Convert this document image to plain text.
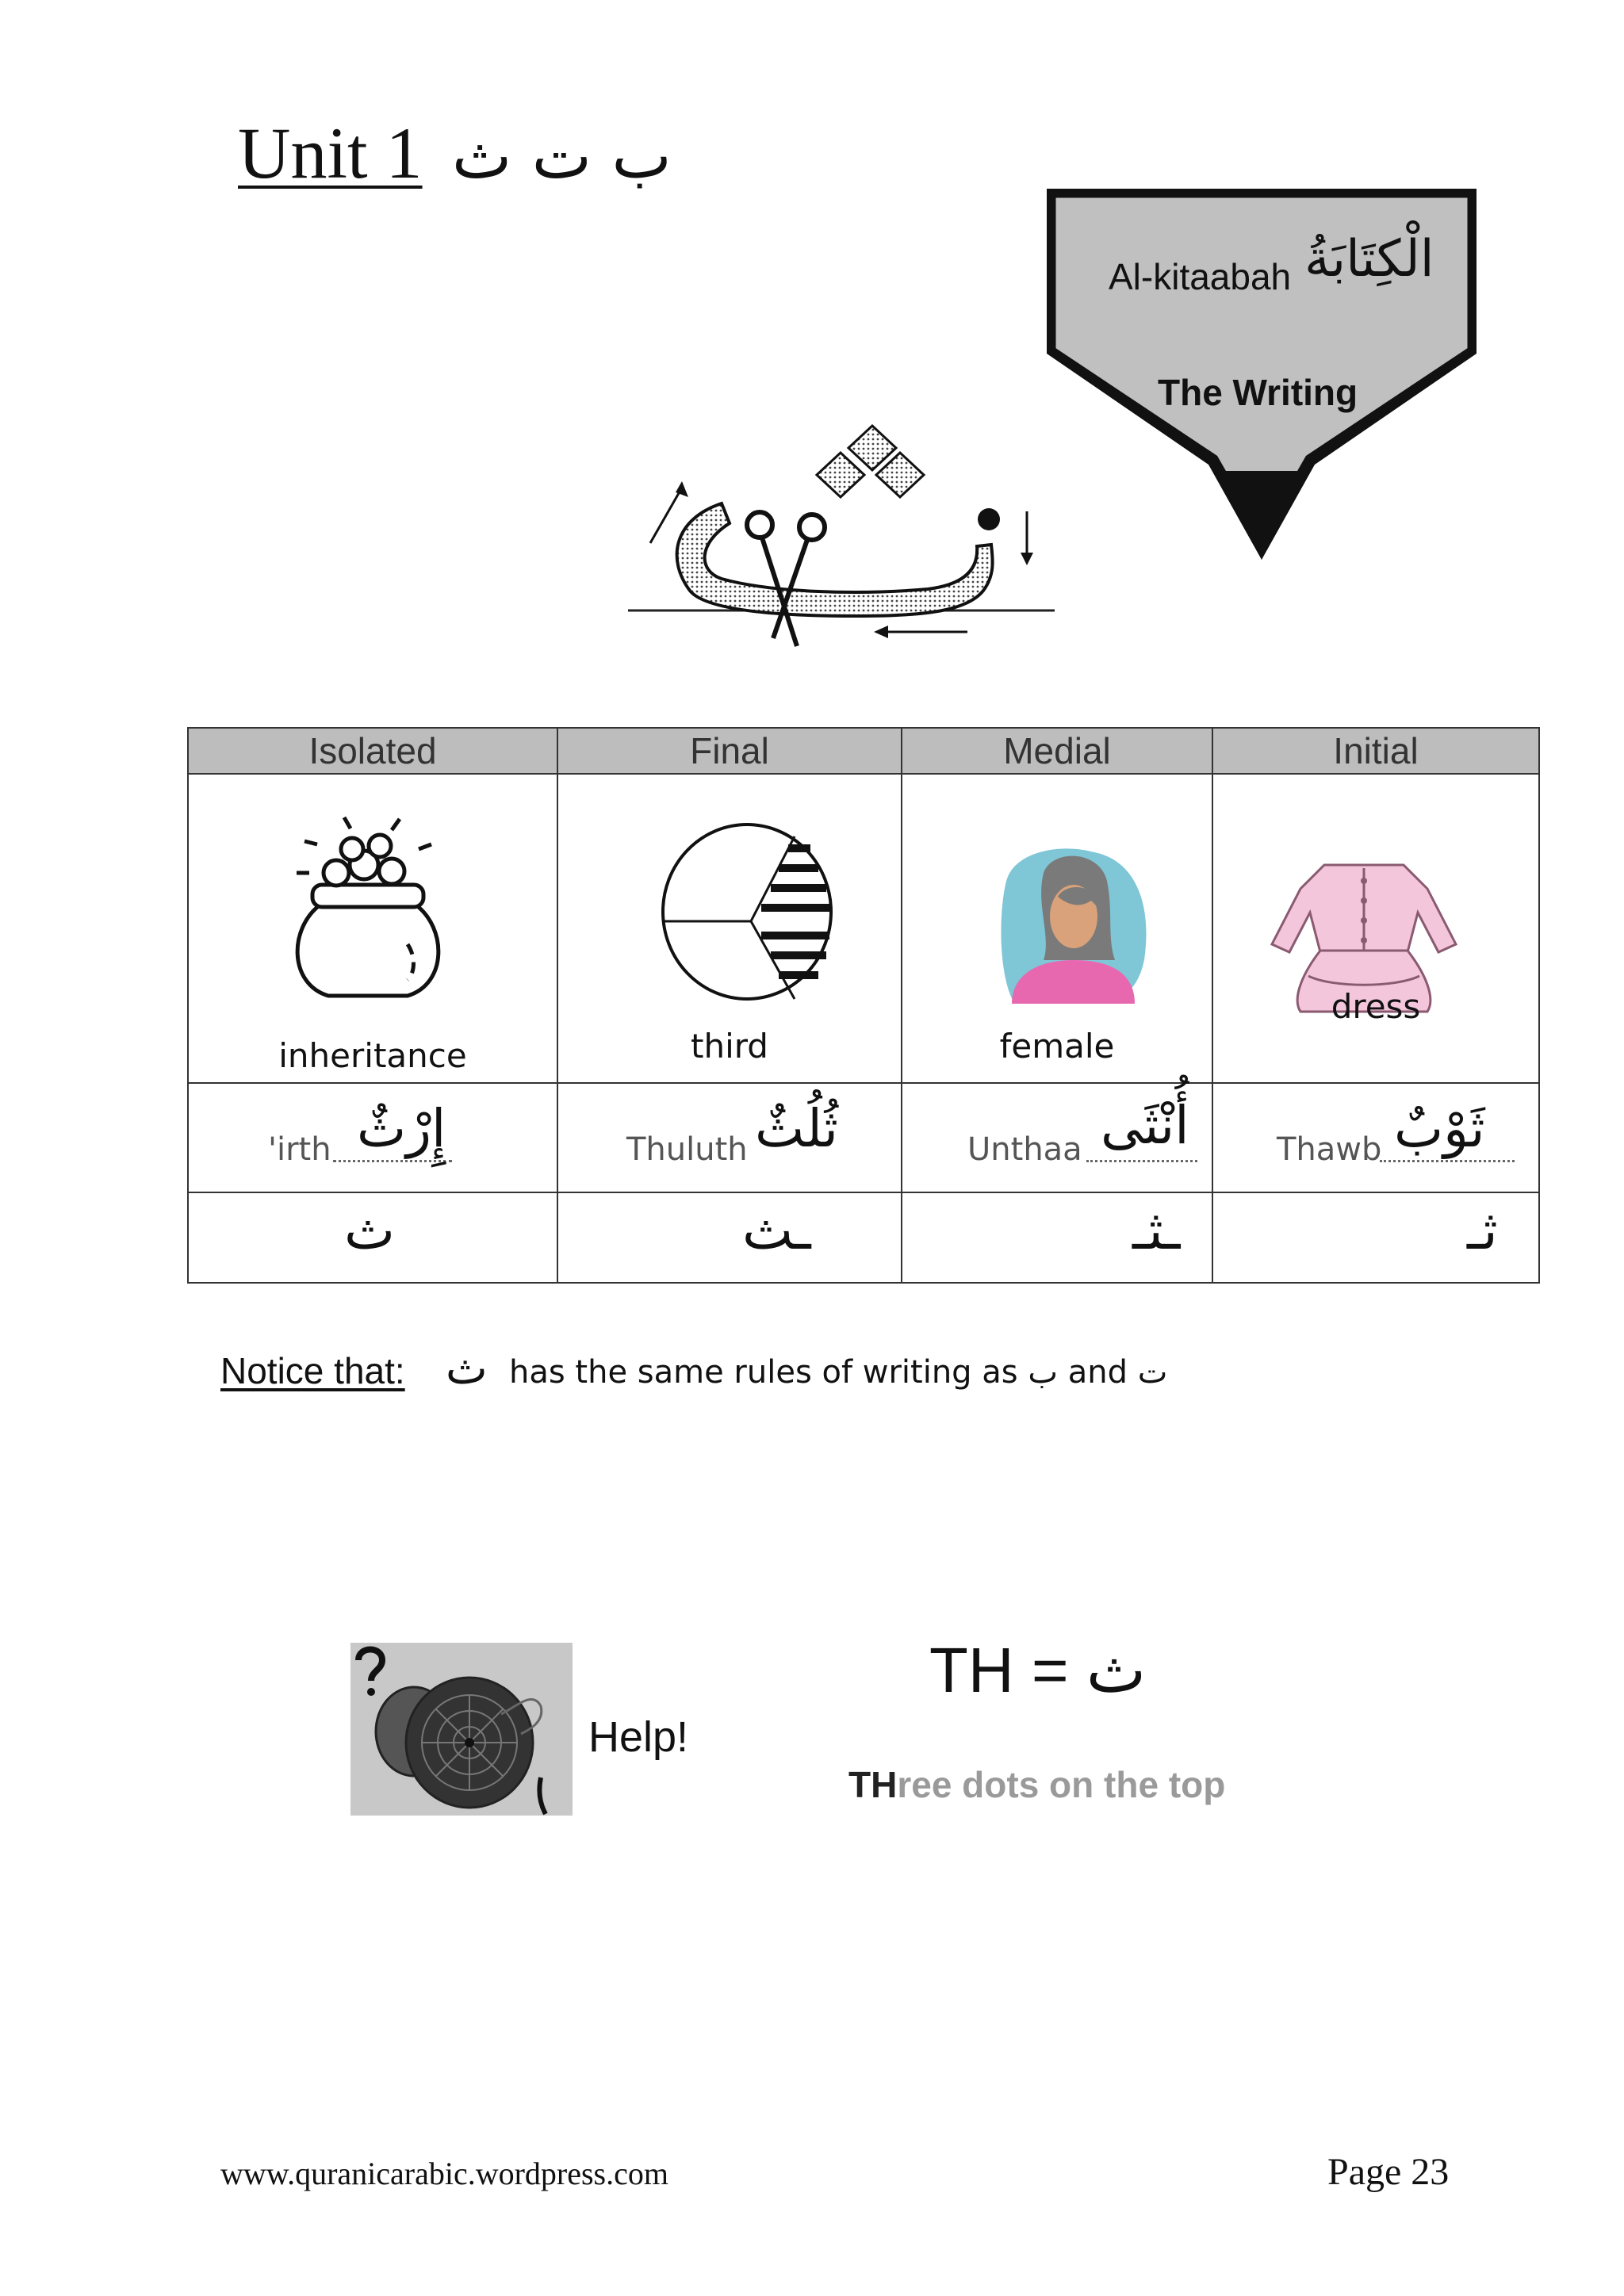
Unit 1 ب ت ث
الْكِتَابَةُ
Al-kitaabah
The Writing
Isolated	Final	Medial	Initial

inheritance	third	female	dress

'irth إِرْثٌ	Thuluth ثُلُثٌ	Unthaa أُنْثَى	Thawb ثَوْبٌ

ث	ـث	ـثـ	ثـ
Notice that: ث has the same rules of writing as ب and ت
Help!
TH = ث
THree dots on the top
www.quranicarabic.wordpress.com	Page 23
